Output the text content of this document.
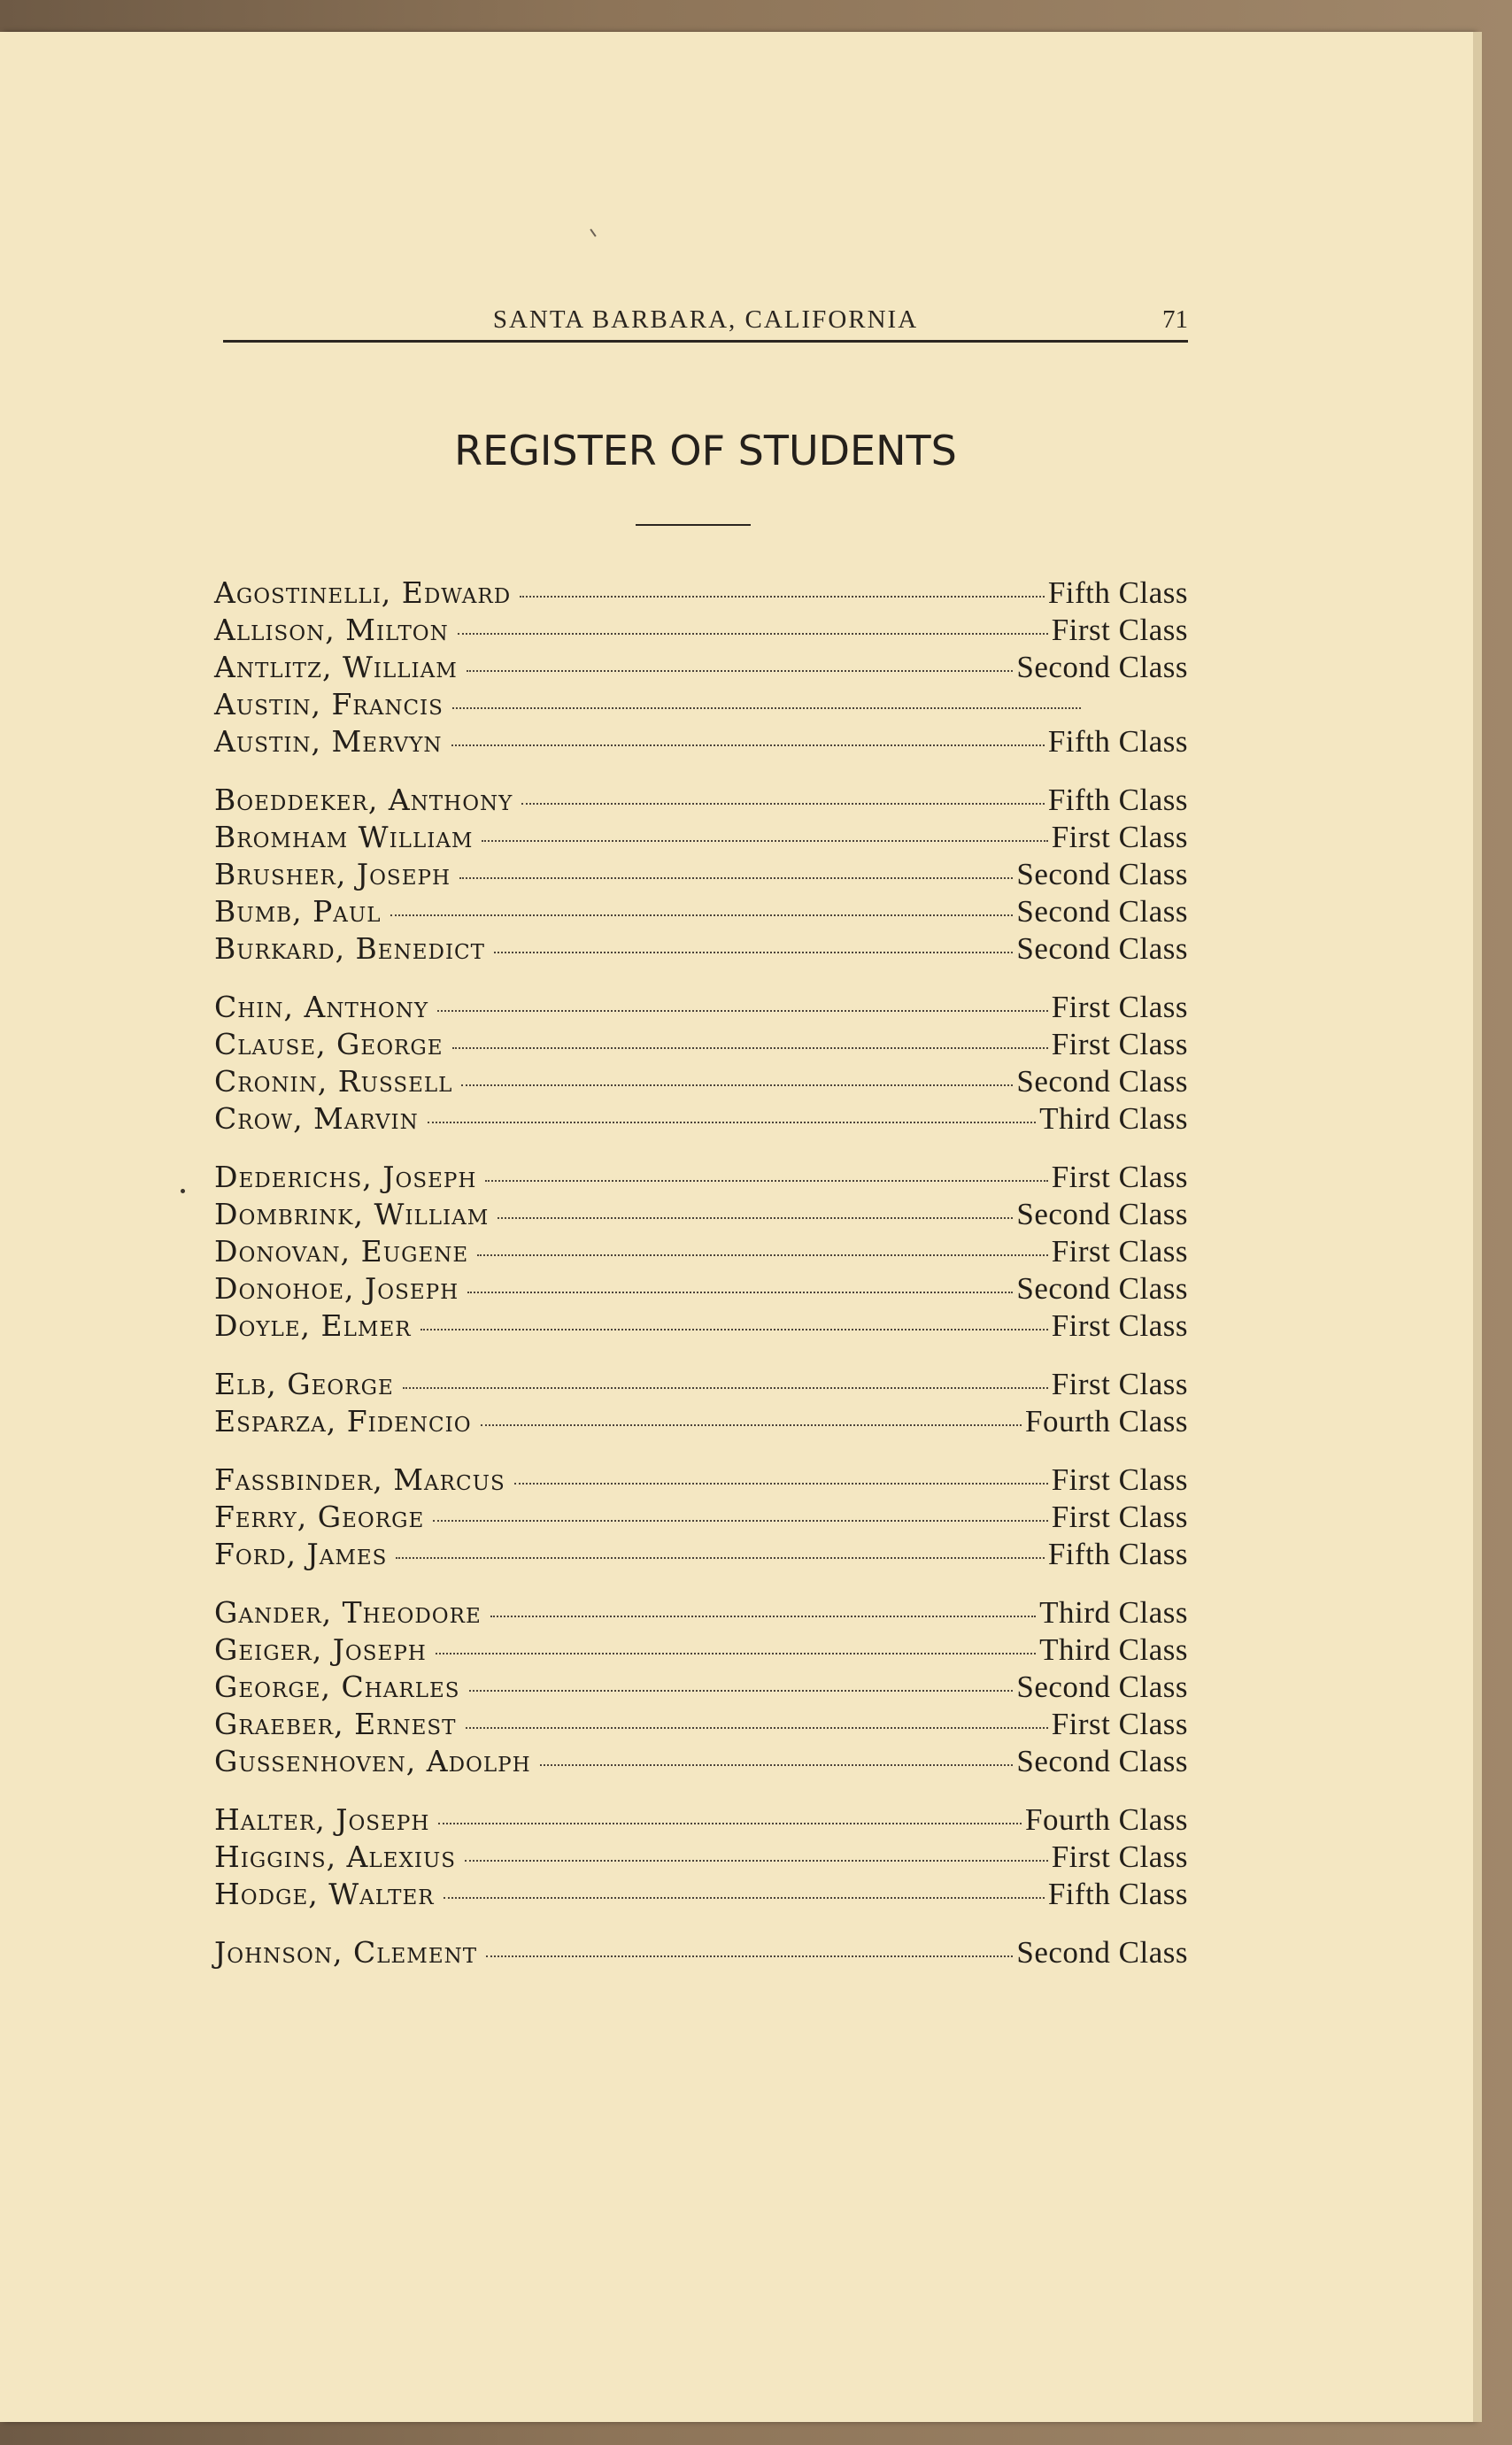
SANTA BARBARA, CALIFORNIA	71
REGISTER OF STUDENTS
Agostinelli, Edward	Fifth Class
Allison, Milton	First Class
Antlitz, William	Second Class
Austin, Francis
Austin, Mervyn	Fifth Class
Boeddeker, Anthony	Fifth Class
Bromham William	First Class
Brusher, Joseph	Second Class
Bumb, Paul	Second Class
Burkard, Benedict	Second Class
Chin, Anthony	First Class
Clause, George	First Class
Cronin, Russell	Second Class
Crow, Marvin	Third Class
Dederichs, Joseph	First Class
Dombrink, William	Second Class
Donovan, Eugene	First Class
Donohoe, Joseph	Second Class
Doyle, Elmer	First Class
Elb, George	First Class
Esparza, Fidencio	Fourth Class
Fassbinder, Marcus	First Class
Ferry, George	First Class
Ford, James	Fifth Class
Gander, Theodore	Third Class
Geiger, Joseph	Third Class
George, Charles	Second Class
Graeber, Ernest	First Class
Gussenhoven, Adolph	Second Class
Halter, Joseph	Fourth Class
Higgins, Alexius	First Class
Hodge, Walter	Fifth Class
Johnson, Clement	Second Class
